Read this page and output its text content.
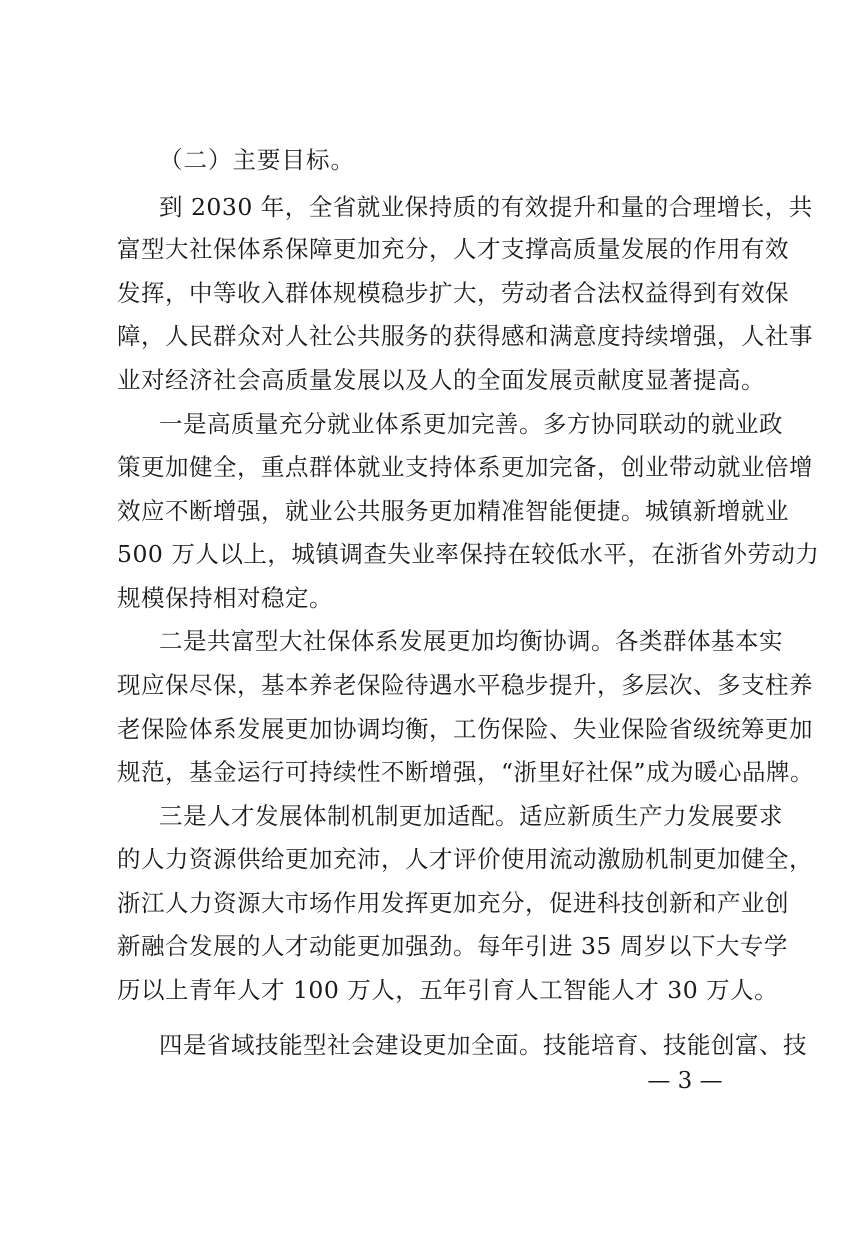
（二）主要目标。
到 2030 年，全省就业保持质的有效提升和量的合理增长，共
富型大社保体系保障更加充分，人才支撑高质量发展的作用有效
发挥，中等收入群体规模稳步扩大，劳动者合法权益得到有效保
障，人民群众对人社公共服务的获得感和满意度持续增强，人社事
业对经济社会高质量发展以及人的全面发展贡献度显著提高。
一是高质量充分就业体系更加完善。多方协同联动的就业政
策更加健全，重点群体就业支持体系更加完备，创业带动就业倍增
效应不断增强，就业公共服务更加精准智能便捷。城镇新增就业
500 万人以上，城镇调查失业率保持在较低水平，在浙省外劳动力
规模保持相对稳定。
二是共富型大社保体系发展更加均衡协调。各类群体基本实
现应保尽保，基本养老保险待遇水平稳步提升，多层次、多支柱养
老保险体系发展更加协调均衡，工伤保险、失业保险省级统筹更加
规范，基金运行可持续性不断增强，“浙里好社保”成为暖心品牌。
三是人才发展体制机制更加适配。适应新质生产力发展要求
的人力资源供给更加充沛，人才评价使用流动激励机制更加健全，
浙江人力资源大市场作用发挥更加充分，促进科技创新和产业创
新融合发展的人才动能更加强劲。每年引进 35 周岁以下大专学
历以上青年人才 100 万人，五年引育人工智能人才 30 万人。
四是省域技能型社会建设更加全面。技能培育、技能创富、技
— 3 —
